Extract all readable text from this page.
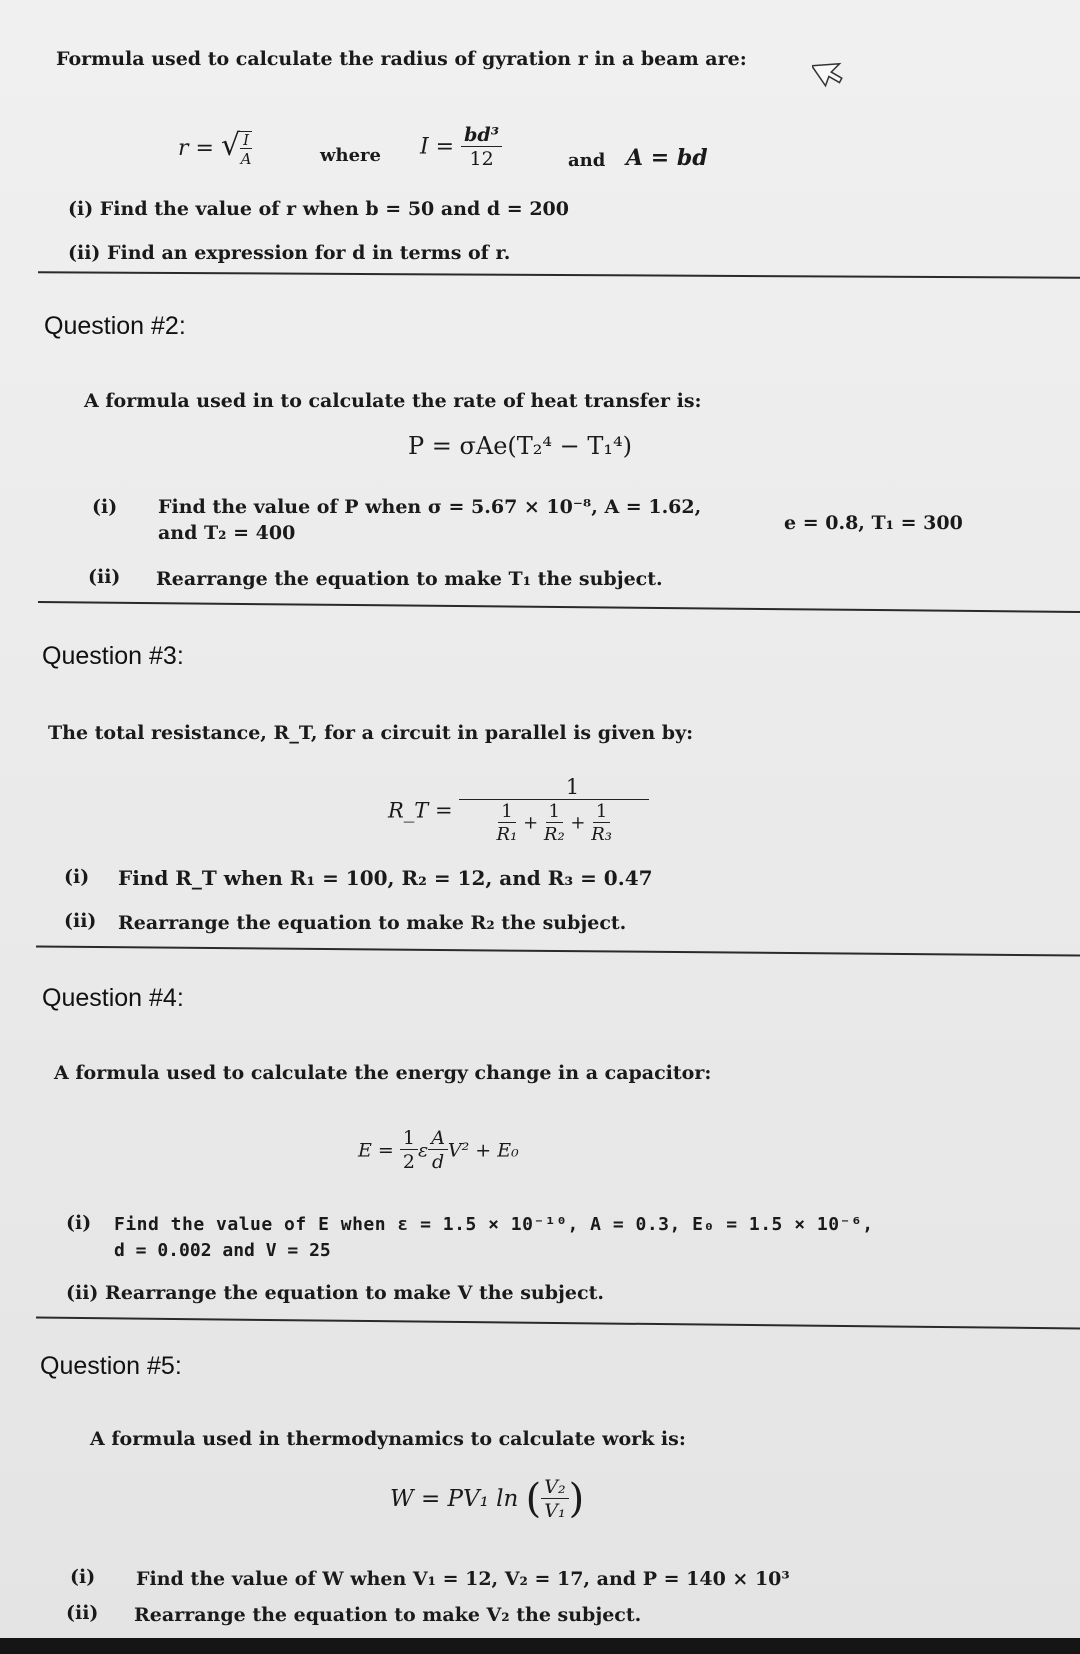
Formula used to calculate the radius of gyration r in a beam are:
r = √ $\frac{I}{A}$	where $I = \frac{\text{bd³}}{12}$	and A = bd
(i) Find the value of r when b = 50 and d = 200
(ii) Find an expression for d in terms of r.
Question #2:
A formula used in to calculate the rate of heat transfer is:
P = σAe(T₂⁴ − T₁⁴)
(i) Find the value of P when σ = 5.67 × 10⁻⁸, A = 1.62,
e = 0.8, T₁ = 300
and T₂ = 400
(ii) Rearrange the equation to make T₁ the subject.
Question #3:
The total resistance, R_T, for a circuit in parallel is given by:
R_T = $\frac{1}{\frac{1}{\text{R₁}} + \frac{1}{\text{R₂}} + \frac{1}{\text{R₃}}}$
(i) Find R_T when R₁ = 100, R₂ = 12, and R₃ = 0.47
(ii) Rearrange the equation to make R₂ the subject.
Question #4:
A formula used to calculate the energy change in a capacitor:
$E = \frac{1}{2}$ ε $\frac{A}{d} V^2 + E_0$
(i) Find the value of E when ε = 1.5 × 10⁻¹⁰, A = 0.3, E₀ = 1.5 × 10⁻⁶,
d = 0.002 and V = 25
(ii) Rearrange the equation to make V the subject.
Question #5:
A formula used in thermodynamics to calculate work is:
W = PV₁ ln ( $\frac{\text{V₂}}{\text{V₁}}$ )
(i) Find the value of W when V₁ = 12, V₂ = 17, and P = 140 × 10³
(ii) Rearrange the equation to make V₂ the subject.
